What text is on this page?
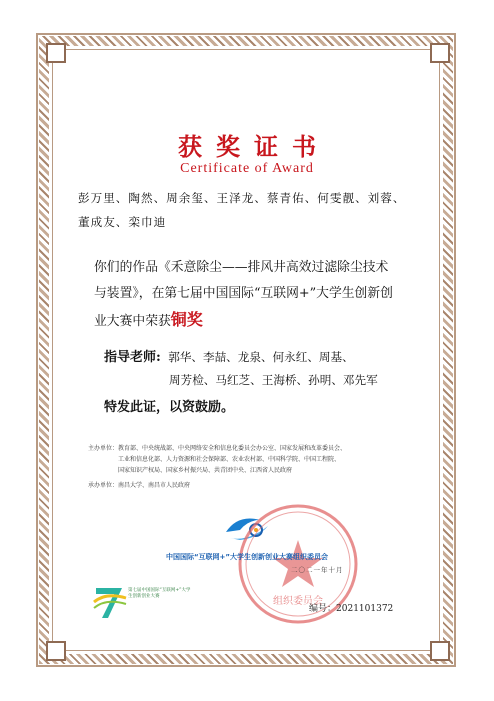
获奖证书
Certificate of Award
彭万里、陶然、周余玺、王泽龙、蔡青佑、何雯靓、刘蓉、
董成友、栾巾迪
你们的作品《禾意除尘——排风井高效过滤除尘技术与装置》，在第七届中国国际“互联网+”大学生创新创业大赛中荣获铜奖
指导老师: 郭华、李喆、龙泉、何永红、周基、
周芳检、马红芝、王海桥、孙明、邓先军
特发此证，以资鼓励。
主办单位：教育部、中央统战部、中央网络安全和信息化委员会办公室、国家发展和改革委员会、
工业和信息化部、人力资源和社会保障部、农业农村部、中国科学院、中国工程院、
国家知识产权局、国家乡村振兴局、共青团中央、江西省人民政府
承办单位：南昌大学、南昌市人民政府
组织委员会
中国国际“互联网+”大学生创新创业大赛组织委员会
二〇二一年十月
编号：2021101372
第七届中国国际“互联网+”大学生创新创业大赛
